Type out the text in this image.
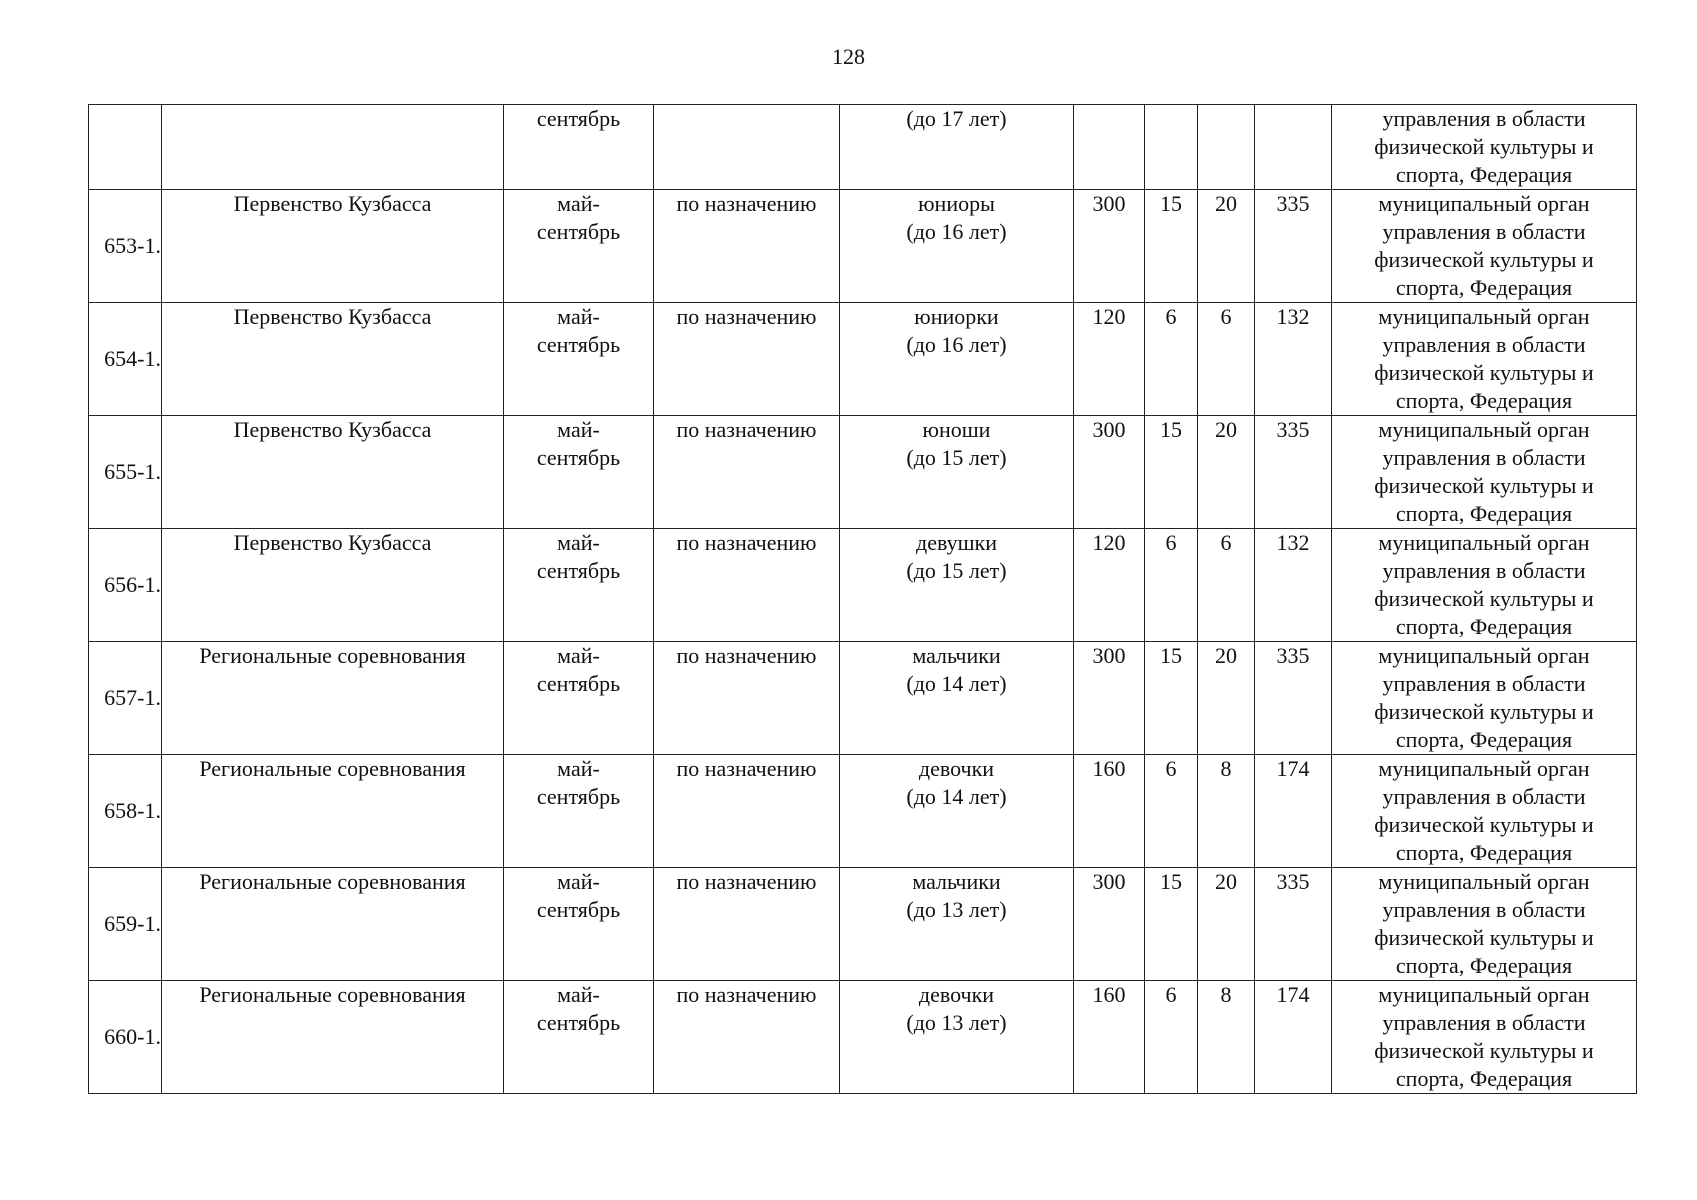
128

		сентябрь		(до 17 лет)					управления в области
физической культуры и
спорта, Федерация

653-1.	Первенство Кузбасса	май-
сентябрь	по назначению	юниоры
(до 16 лет)	300	15	20	335	муниципальный орган
управления в области
физической культуры и
спорта, Федерация

654-1.	Первенство Кузбасса	май-
сентябрь	по назначению	юниорки
(до 16 лет)	120	6	6	132	муниципальный орган
управления в области
физической культуры и
спорта, Федерация

655-1.	Первенство Кузбасса	май-
сентябрь	по назначению	юноши
(до 15 лет)	300	15	20	335	муниципальный орган
управления в области
физической культуры и
спорта, Федерация

656-1.	Первенство Кузбасса	май-
сентябрь	по назначению	девушки
(до 15 лет)	120	6	6	132	муниципальный орган
управления в области
физической культуры и
спорта, Федерация

657-1.	Региональные соревнования	май-
сентябрь	по назначению	мальчики
(до 14 лет)	300	15	20	335	муниципальный орган
управления в области
физической культуры и
спорта, Федерация

658-1.	Региональные соревнования	май-
сентябрь	по назначению	девочки
(до 14 лет)	160	6	8	174	муниципальный орган
управления в области
физической культуры и
спорта, Федерация

659-1.	Региональные соревнования	май-
сентябрь	по назначению	мальчики
(до 13 лет)	300	15	20	335	муниципальный орган
управления в области
физической культуры и
спорта, Федерация

660-1.	Региональные соревнования	май-
сентябрь	по назначению	девочки
(до 13 лет)	160	6	8	174	муниципальный орган
управления в области
физической культуры и
спорта, Федерация
